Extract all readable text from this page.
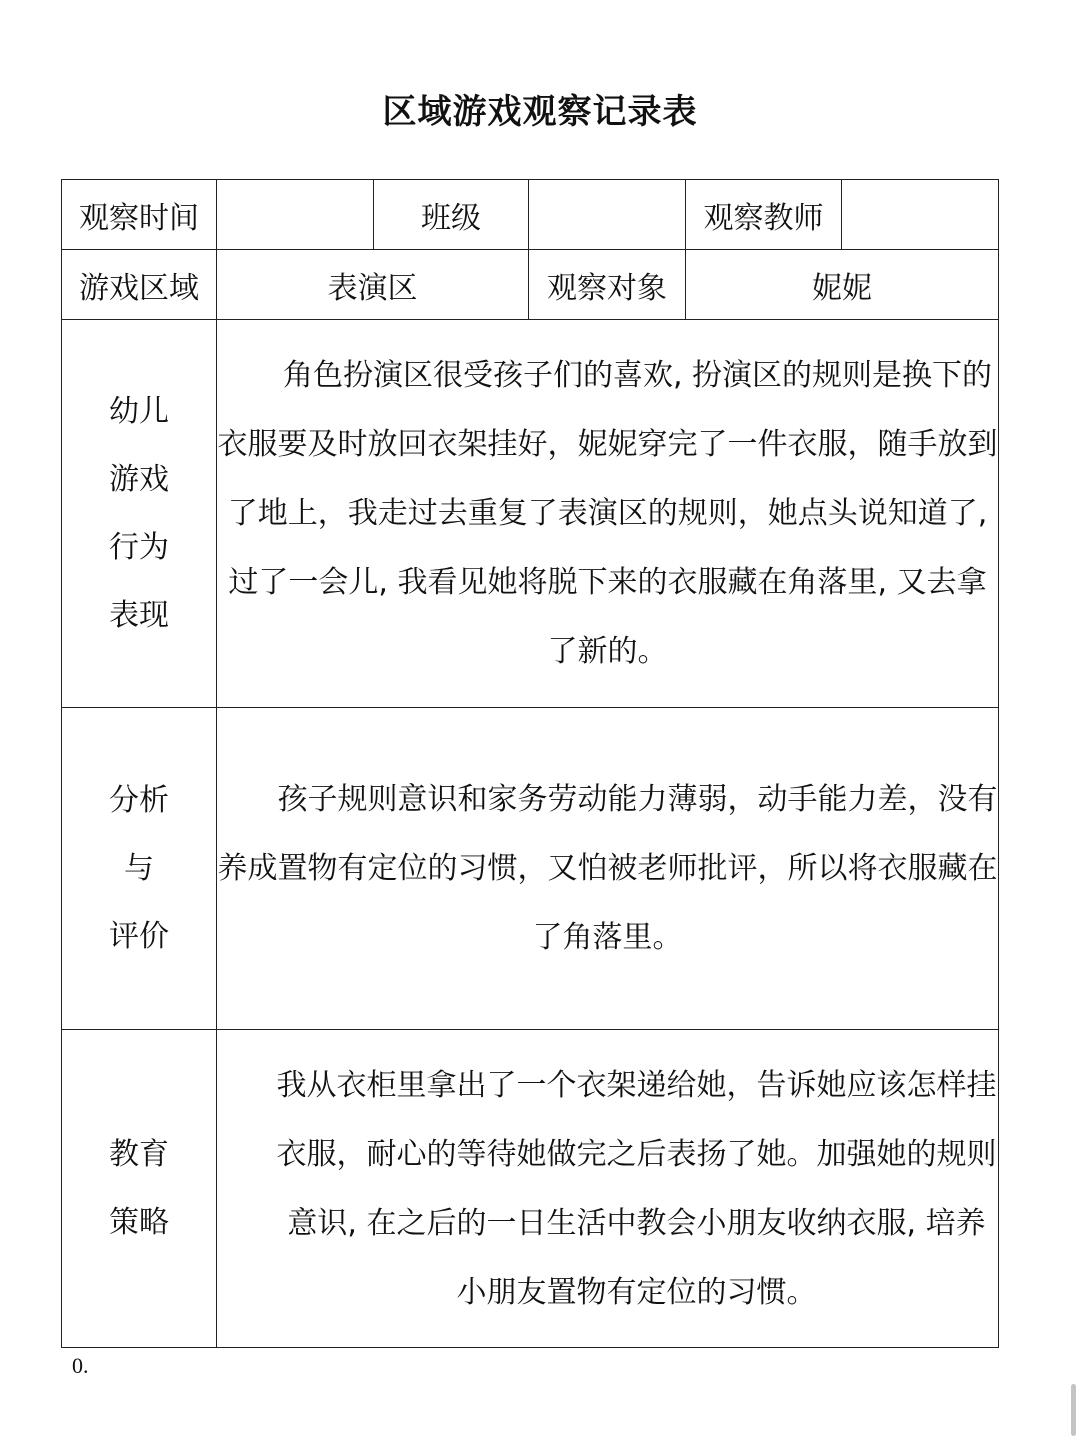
区域游戏观察记录表
观察时间		班级		观察教师	
游戏区域	表演区		观察对象	妮妮	

幼儿
游戏
行为
表现	角色扮演区很受孩子们的喜欢, 扮演区的规则是换下的衣服要及时放回衣架挂好，妮妮穿完了一件衣服，随手放到了地上，我走过去重复了表演区的规则，她点头说知道了, 过了一会儿, 我看见她将脱下来的衣服藏在角落里, 又去拿了新的。				

分析
与
评价	孩子规则意识和家务劳动能力薄弱，动手能力差，没有养成置物有定位的习惯，又怕被老师批评，所以将衣服藏在了角落里。				

教育
策略	我从衣柜里拿出了一个衣架递给她，告诉她应该怎样挂衣服，耐心的等待她做完之后表扬了她。加强她的规则意识, 在之后的一日生活中教会小朋友收纳衣服, 培养小朋友置物有定位的习惯。				

0.
